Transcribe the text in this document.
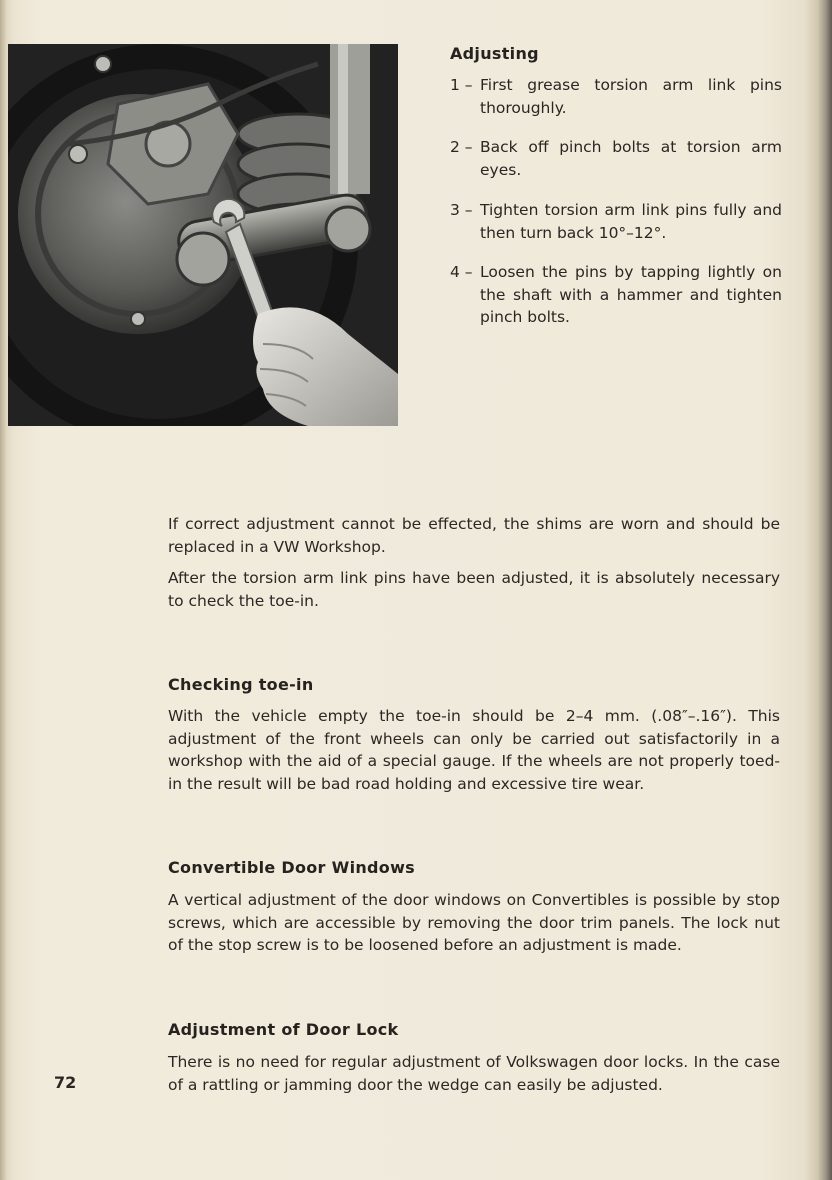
Adjusting
1 – First grease torsion arm link pins thoroughly.
2 – Back off pinch bolts at torsion arm eyes.
3 – Tighten torsion arm link pins fully and then turn back 10°–12°.
4 – Loosen the pins by tapping lightly on the shaft with a hammer and tighten pinch bolts.
If correct adjustment cannot be effected, the shims are worn and should be replaced in a VW Workshop.
After the torsion arm link pins have been adjusted, it is absolutely necessary to check the toe-in.
Checking toe-in
With the vehicle empty the toe-in should be 2–4 mm. (.08″–.16″). This adjustment of the front wheels can only be carried out satisfactorily in a workshop with the aid of a special gauge. If the wheels are not properly toed-in the result will be bad road holding and excessive tire wear.
Convertible Door Windows
A vertical adjustment of the door windows on Convertibles is possible by stop screws, which are accessible by removing the door trim panels. The lock nut of the stop screw is to be loosened before an adjustment is made.
Adjustment of Door Lock
There is no need for regular adjustment of Volkswagen door locks. In the case of a rattling or jamming door the wedge can easily be adjusted.
72
